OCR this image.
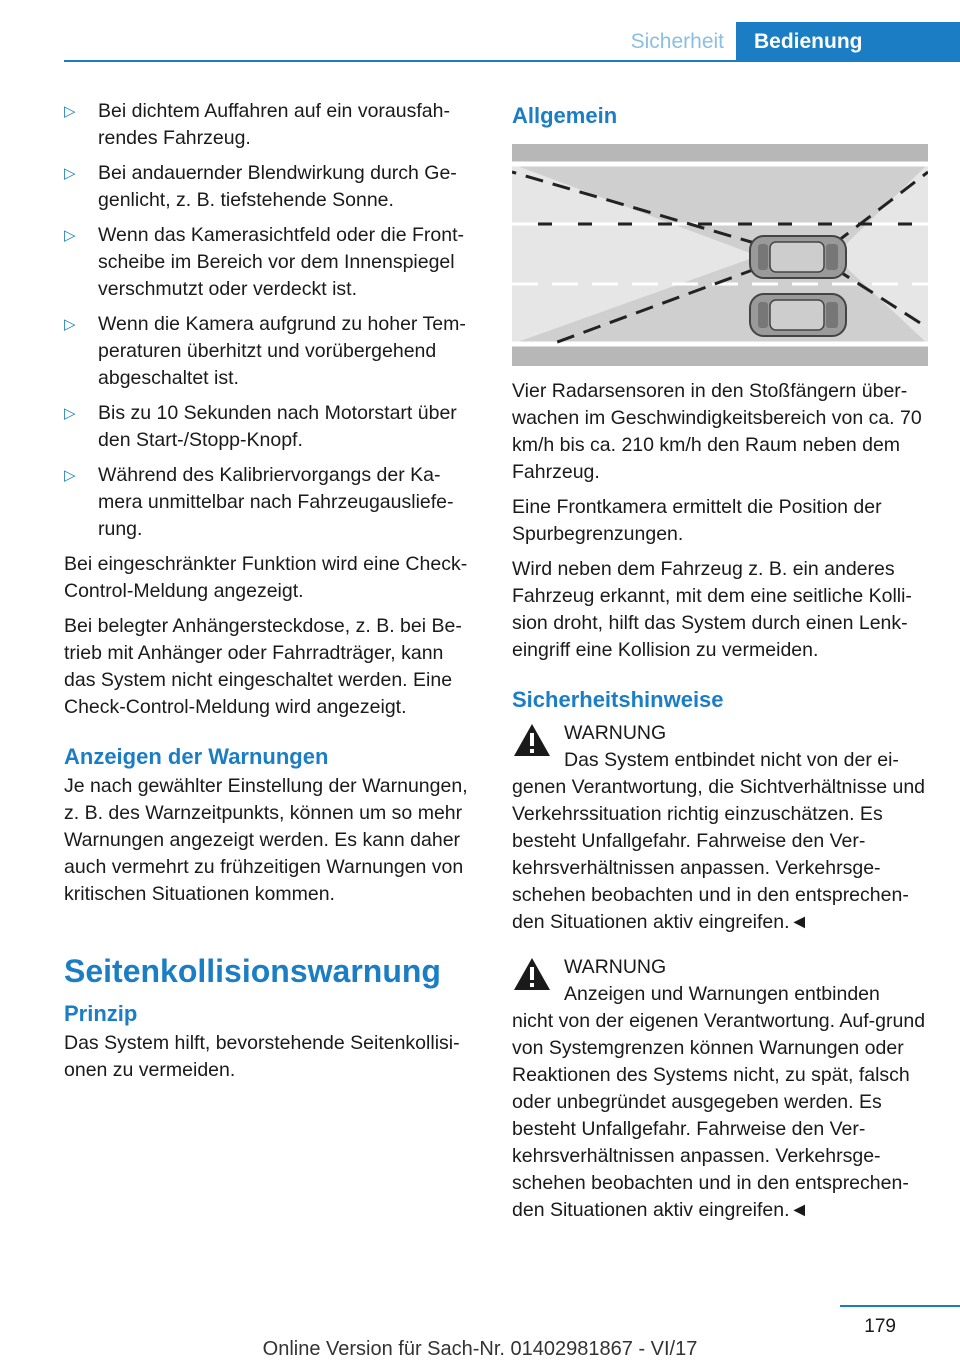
Sicherheit Bedienung
▷ Bei dichtem Auffahren auf ein vorausfah-rendes Fahrzeug.
▷ Bei andauernder Blendwirkung durch Ge-genlicht, z. B. tiefstehende Sonne.
▷ Wenn das Kamerasichtfeld oder die Front-scheibe im Bereich vor dem Innenspiegel verschmutzt oder verdeckt ist.
▷ Wenn die Kamera aufgrund zu hoher Tem-peraturen überhitzt und vorübergehend abgeschaltet ist.
▷ Bis zu 10 Sekunden nach Motorstart über den Start-/Stopp-Knopf.
▷ Während des Kalibriervorgangs der Ka-mera unmittelbar nach Fahrzeugausliefe-rung.

Bei eingeschränkter Funktion wird eine Check-Control-Meldung angezeigt.

Bei belegter Anhängersteckdose, z. B. bei Be-trieb mit Anhänger oder Fahrradträger, kann das System nicht eingeschaltet werden. Eine Check-Control-Meldung wird angezeigt.

Anzeigen der Warnungen

Je nach gewählter Einstellung der Warnungen, z. B. des Warnzeitpunkts, können um so mehr Warnungen angezeigt werden. Es kann daher auch vermehrt zu frühzeitigen Warnungen von kritischen Situationen kommen.

Seitenkollisionswarnung
Prinzip

Das System hilft, bevorstehende Seitenkollisi-onen zu vermeiden.

Allgemein

Vier Radarsensoren in den Stoßfängern über-wachen im Geschwindigkeitsbereich von ca. 70 km/h bis ca. 210 km/h den Raum neben dem Fahrzeug.

Eine Frontkamera ermittelt die Position der Spurbegrenzungen.

Wird neben dem Fahrzeug z. B. ein anderes Fahrzeug erkannt, mit dem eine seitliche Kolli-sion droht, hilft das System durch einen Lenk-eingriff eine Kollision zu vermeiden.

Sicherheitshinweise
WARNUNG
Das System entbindet nicht von der ei-
genen Verantwortung, die Sichtverhältnisse und Verkehrssituation richtig einzuschätzen. Es besteht Unfallgefahr. Fahrweise den Ver-kehrsverhältnissen anpassen. Verkehrsge-schehen beobachten und in den entsprechen-den Situationen aktiv eingreifen.◄
WARNUNG
Anzeigen und Warnungen entbinden
nicht von der eigenen Verantwortung. Auf-grund von Systemgrenzen können Warnungen oder Reaktionen des Systems nicht, zu spät, falsch oder unbegründet ausgegeben werden. Es besteht Unfallgefahr. Fahrweise den Ver-kehrsverhältnissen anpassen. Verkehrsge-schehen beobachten und in den entsprechen-den Situationen aktiv eingreifen.◄
179
Online Version für Sach-Nr. 01402981867 - VI/17
